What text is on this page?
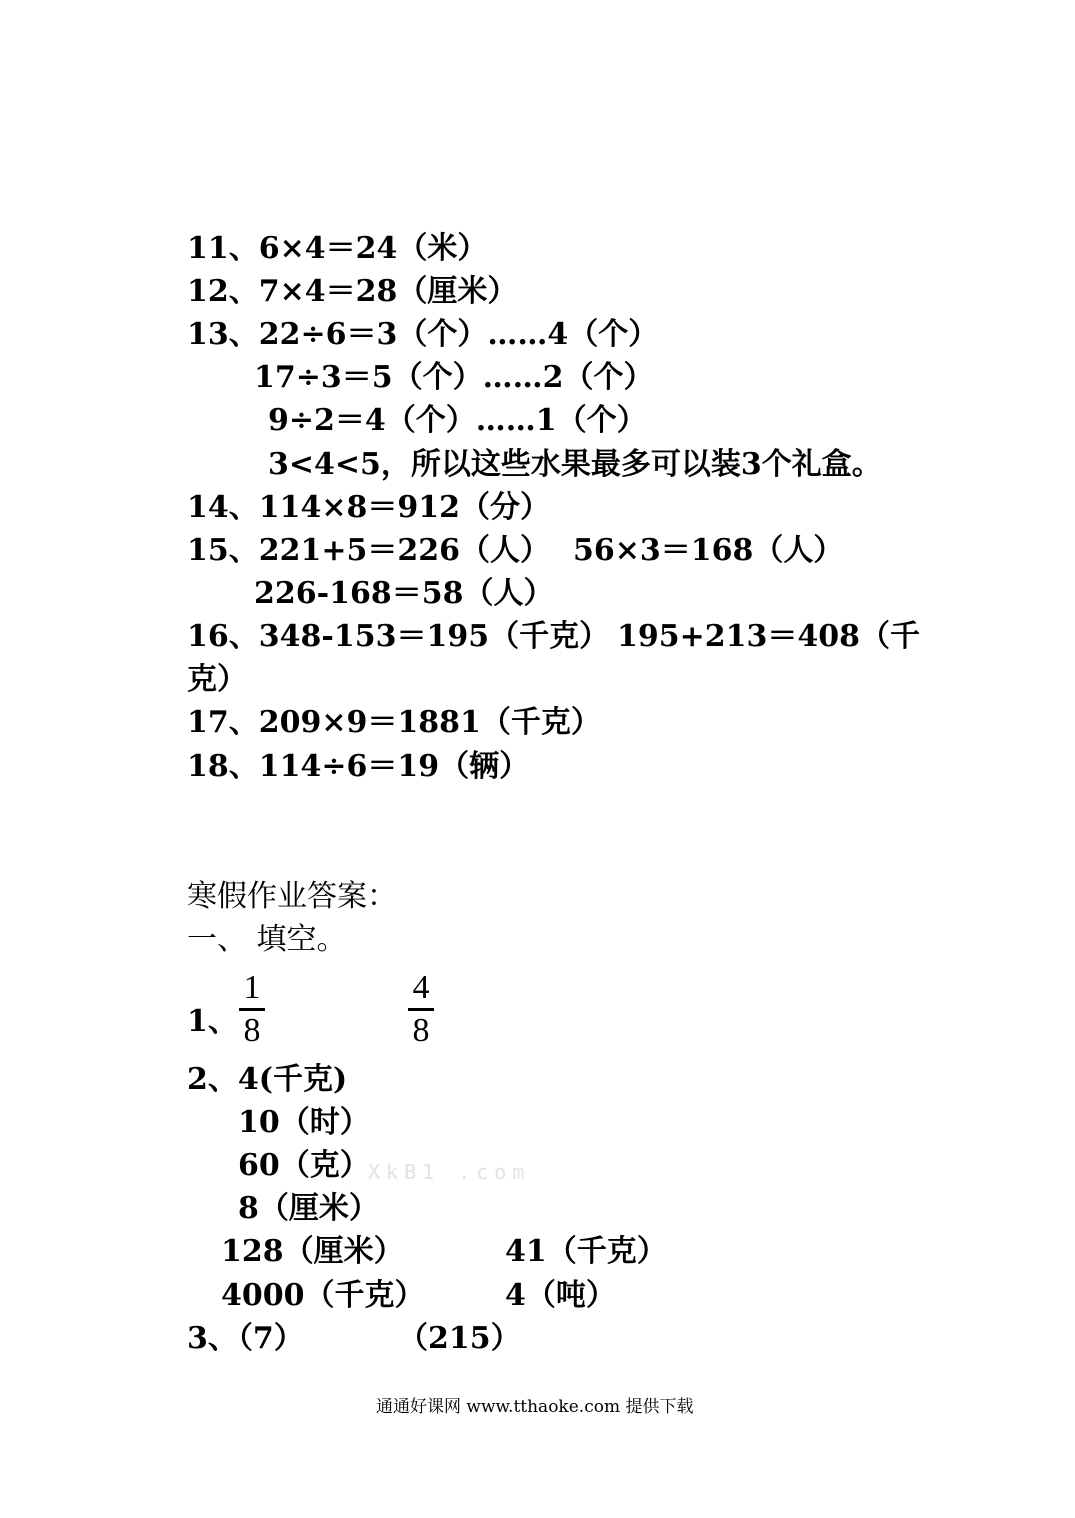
11、6×4＝24（米）
12、7×4＝28（厘米）
13、22÷6＝3（个）……4（个）
17÷3＝5（个）……2（个）
9÷2＝4（个）……1（个）
3<4<5，所以这些水果最多可以装3个礼盒。
14、114×8＝912（分）
15、221+5＝226（人） 56×3＝168（人）
226-168＝58（人）
16、348-153＝195（千克） 195+213＝408（千
克）
17、209×9＝1881（千克）
18、114÷6＝19（辆）
寒假作业答案：
一、 填空。
1、
1
8
4
8
2、4(千克)
10（时）
60（克）
8（厘米）
128（厘米）	41（千克）
4000（千克）	4（吨）
3、（7）	（215）
XkB1 .com
通通好课网 www.tthaoke.com 提供下载
